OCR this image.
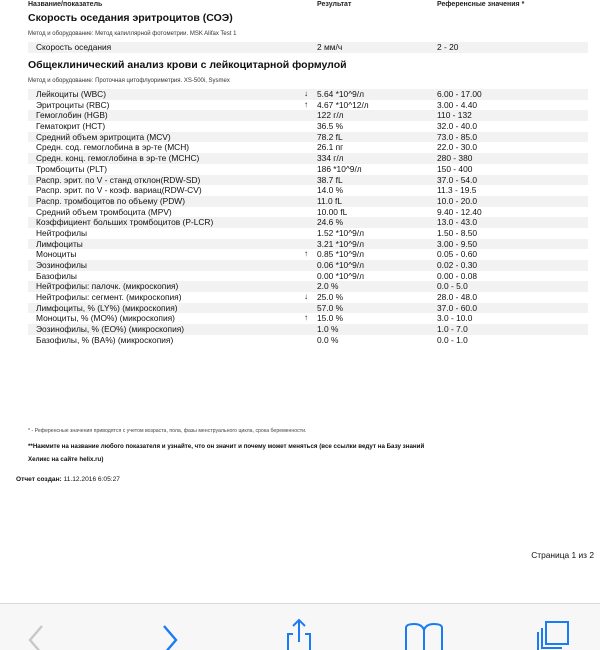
Название/показатель	Результат	Референсные значения *
Скорость оседания эритроцитов (СОЭ)
Метод и оборудование: Метод капиллярной фотометрии. MSK Alifax Test 1
Скорость оседания	2 мм/ч	2 - 20
Общеклинический анализ крови с лейкоцитарной формулой
Метод и оборудование: Проточная цитофлуориметрия. XS-500i, Sysmex
Лейкоциты (WBC)	↓ 5.64 *10^9/л	6.00 - 17.00
Эритроциты (RBC)	↑ 4.67 *10^12/л	3.00 - 4.40
Гемоглобин (HGB)	122 г/л	110 - 132
Гематокрит (HCT)	36.5 %	32.0 - 40.0
Средний объем эритроцита (MCV)	78.2 fL	73.0 - 85.0
Средн. сод. гемоглобина в эр-те (MCH)	26.1 пг	22.0 - 30.0
Средн. конц. гемоглобина в эр-те (MCHC)	334 г/л	280 - 380
Тромбоциты (PLT)	186 *10^9/л	150 - 400
Распр. эрит. по V - станд отклон(RDW-SD)	38.7 fL	37.0 - 54.0
Распр. эрит. по V - коэф. вариац(RDW-CV)	14.0 %	11.3 - 19.5
Распр. тромбоцитов по объему (PDW)	11.0 fL	10.0 - 20.0
Средний объем тромбоцита (MPV)	10.00 fL	9.40 - 12.40
Коэффициент больших тромбоцитов (P-LCR)	24.6 %	13.0 - 43.0
Нейтрофилы	1.52 *10^9/л	1.50 - 8.50
Лимфоциты	3.21 *10^9/л	3.00 - 9.50
Моноциты	↑ 0.85 *10^9/л	0.05 - 0.60
Эозинофилы	0.06 *10^9/л	0.02 - 0.30
Базофилы	0.00 *10^9/л	0.00 - 0.08
Нейтрофилы: палочк. (микроскопия)	2.0 %	0.0 - 5.0
Нейтрофилы: сегмент. (микроскопия)	↓ 25.0 %	28.0 - 48.0
Лимфоциты, % (LY%) (микроскопия)	57.0 %	37.0 - 60.0
Моноциты, % (MO%) (микроскопия)	↑ 15.0 %	3.0 - 10.0
Эозинофилы, % (EO%) (микроскопия)	1.0 %	1.0 - 7.0
Базофилы, % (BA%) (микроскопия)	0.0 %	0.0 - 1.0
* - Референсные значения приводятся с учетом возраста, пола, фазы менструального цикла, срока беременности.
**Нажмите на название любого показателя и узнайте, что он значит и почему может меняться (все ссылки ведут на Базу знаний
Хеликс на сайте helix.ru)
Отчет создан: 11.12.2016 6:05:27
Страница 1 из 2
